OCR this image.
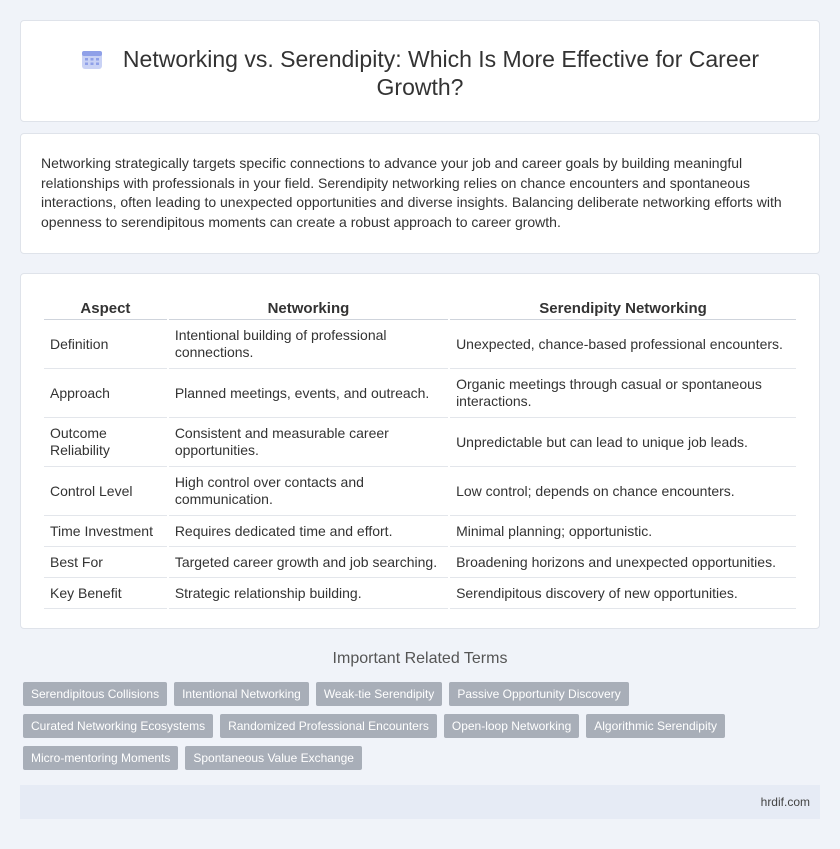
Networking vs. Serendipity: Which Is More Effective for Career Growth?

Networking strategically targets specific connections to advance your job and career goals by building meaningful relationships with professionals in your field. Serendipity networking relies on chance encounters and spontaneous interactions, often leading to unexpected opportunities and diverse insights. Balancing deliberate networking efforts with openness to serendipitous moments can create a robust approach to career growth.

Aspect	Networking	Serendipity Networking
Definition	Intentional building of professional connections.	Unexpected, chance-based professional encounters.
Approach	Planned meetings, events, and outreach.	Organic meetings through casual or spontaneous interactions.
Outcome Reliability	Consistent and measurable career opportunities.	Unpredictable but can lead to unique job leads.
Control Level	High control over contacts and communication.	Low control; depends on chance encounters.
Time Investment	Requires dedicated time and effort.	Minimal planning; opportunistic.
Best For	Targeted career growth and job searching.	Broadening horizons and unexpected opportunities.
Key Benefit	Strategic relationship building.	Serendipitous discovery of new opportunities.
Important Related Terms
Serendipitous Collisions	Intentional Networking	Weak-tie Serendipity	Passive Opportunity Discovery
Curated Networking Ecosystems	Randomized Professional Encounters	Open-loop Networking	Algorithmic Serendipity
Micro-mentoring Moments	Spontaneous Value Exchange
hrdif.com
